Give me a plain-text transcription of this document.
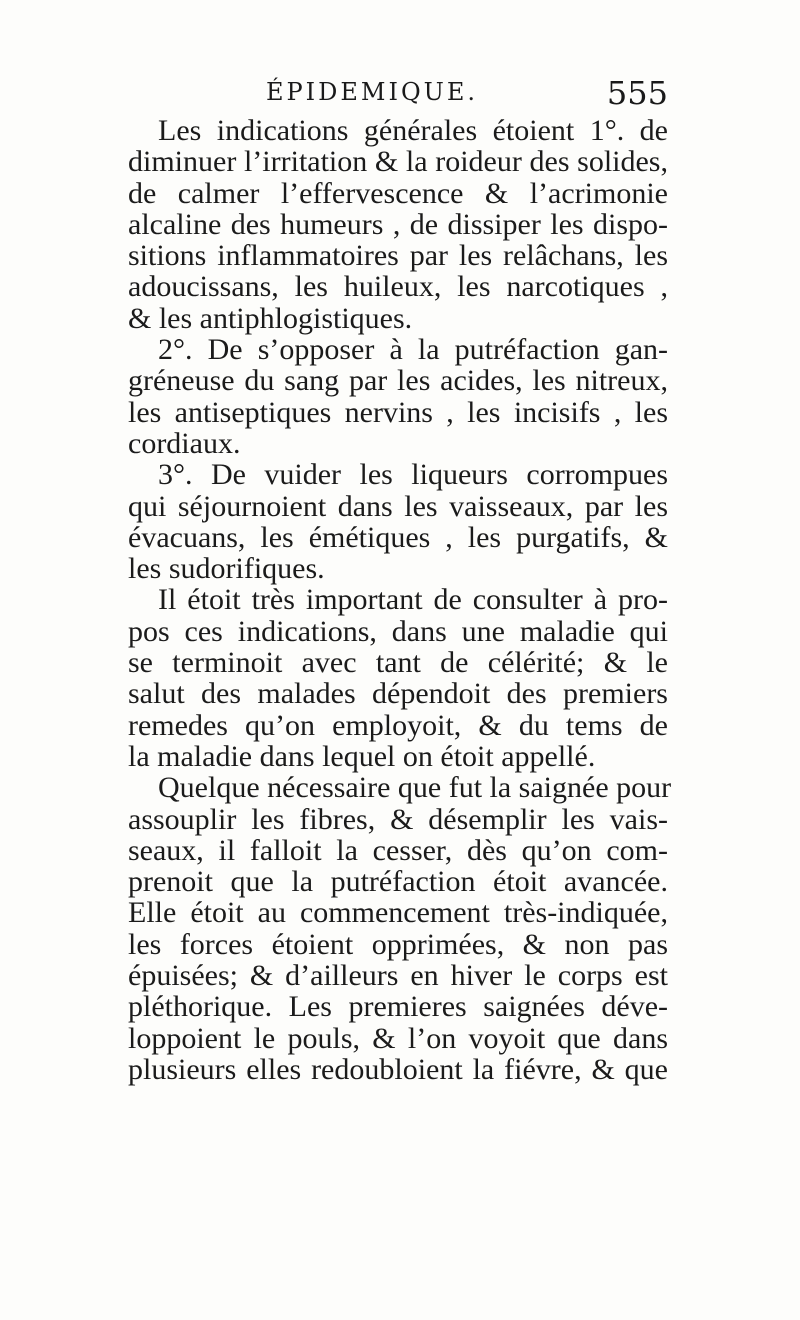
ÉPIDEMIQUE.	555
Les indications générales étoient 1°. de
diminuer l’irritation & la roideur des solides,
de calmer l’effervescence & l’acrimonie
alcaline des humeurs , de dissiper les dispo-
sitions inflammatoires par les relâchans, les
adoucissans, les huileux, les narcotiques ,
& les antiphlogistiques.
2°. De s’opposer à la putréfaction gan-
gréneuse du sang par les acides, les nitreux,
les antiseptiques nervins , les incisifs , les
cordiaux.
3°. De vuider les liqueurs corrompues
qui séjournoient dans les vaisseaux, par les
évacuans, les émétiques , les purgatifs, &
les sudorifiques.
Il étoit très important de consulter à pro-
pos ces indications, dans une maladie qui
se terminoit avec tant de célérité; & le
salut des malades dépendoit des premiers
remedes qu’on employoit, & du tems de
la maladie dans lequel on étoit appellé.
Quelque nécessaire que fut la saignée pour
assouplir les fibres, & désemplir les vais-
seaux, il falloit la cesser, dès qu’on com-
prenoit que la putréfaction étoit avancée.
Elle étoit au commencement très-indiquée,
les forces étoient opprimées, & non pas
épuisées; & d’ailleurs en hiver le corps est
pléthorique. Les premieres saignées déve-
loppoient le pouls, & l’on voyoit que dans
plusieurs elles redoubloient la fiévre, & que
